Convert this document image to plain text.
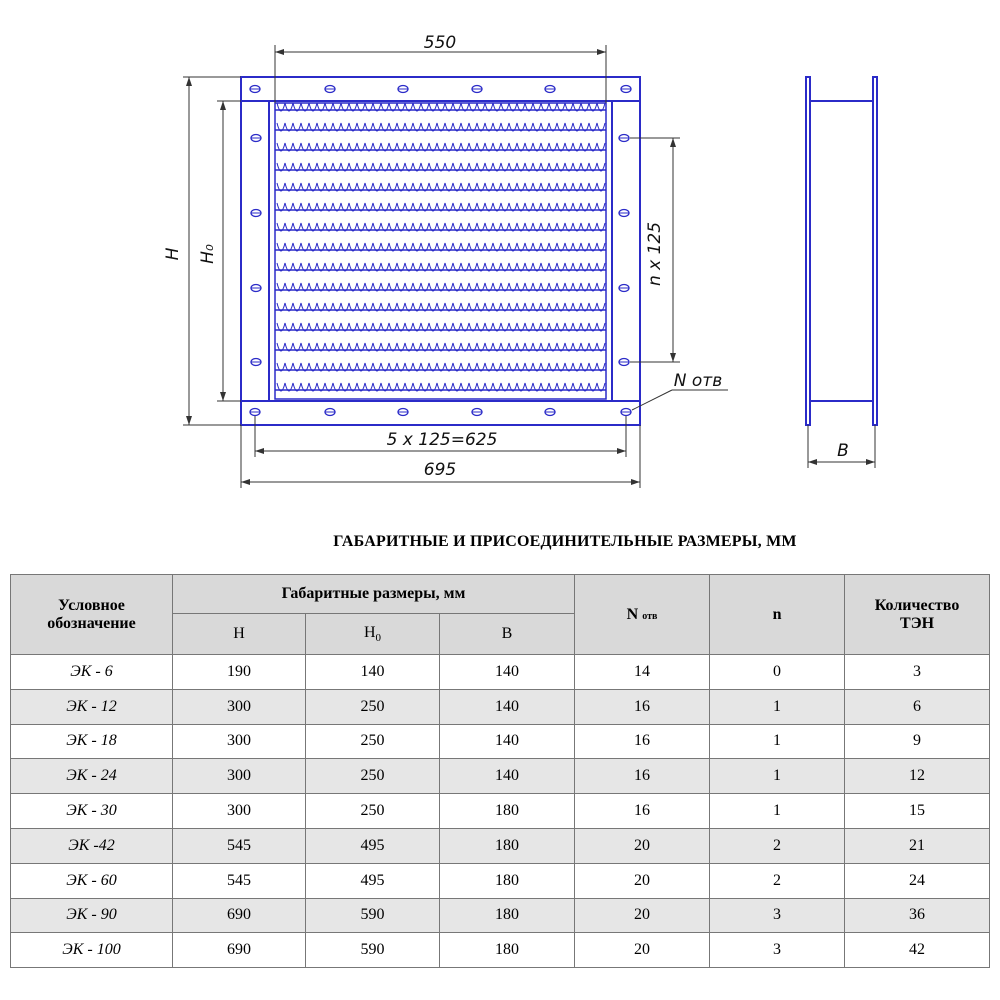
550
H H₀	n x 125
N отв
5 x 125=625
695
B
ГАБАРИТНЫЕ И ПРИСОЕДИНИТЕЛЬНЫЕ РАЗМЕРЫ, ММ
Условное
обозначение	Габаритные размеры, мм			N отв	n	Количество
ТЭН
	H	$H_0$	B			
ЭК - 6	190	140	140	14	0	3
ЭК - 12	300	250	140	16	1	6
ЭК - 18	300	250	140	16	1	9
ЭК - 24	300	250	140	16	1	12
ЭК - 30	300	250	180	16	1	15
ЭК -42	545	495	180	20	2	21
ЭК - 60	545	495	180	20	2	24
ЭК - 90	690	590	180	20	3	36
ЭК - 100	690	590	180	20	3	42
